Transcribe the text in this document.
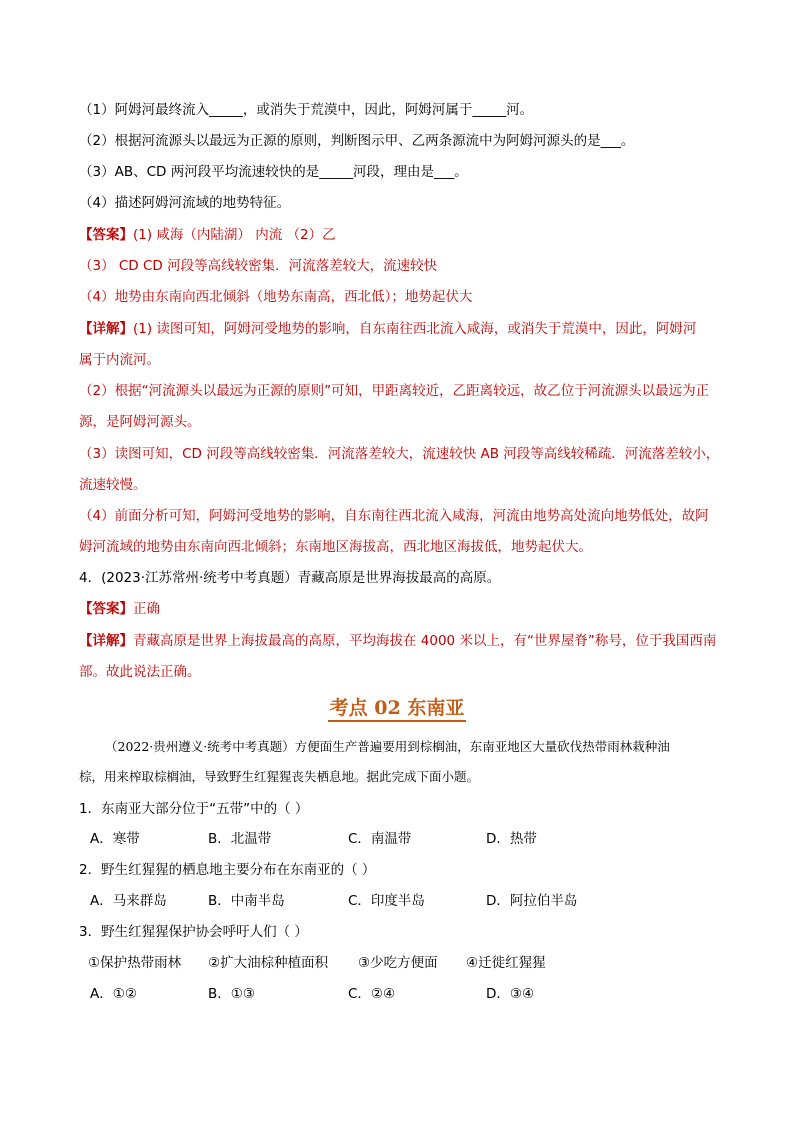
（1）阿姆河最终流入_____，或消失于荒漠中，因此，阿姆河属于_____河。
（2）根据河流源头以最远为正源的原则，判断图示甲、乙两条源流中为阿姆河源头的是___。
（3）AB、CD 两河段平均流速较快的是_____河段，理由是___。
（4）描述阿姆河流域的地势特征。
【答案】(1) 咸海（内陆湖） 内流 （2）乙
（3） CD CD 河段等高线较密集．河流落差较大，流速较快
（4）地势由东南向西北倾斜（地势东南高，西北低）；地势起伏大
【详解】(1) 读图可知，阿姆河受地势的影响，自东南往西北流入咸海，或消失于荒漠中，因此，阿姆河
属于内流河。
（2）根据“河流源头以最远为正源的原则”可知，甲距离较近，乙距离较远，故乙位于河流源头以最远为正
源，是阿姆河源头。
（3）读图可知，CD 河段等高线较密集．河流落差较大，流速较快 AB 河段等高线较稀疏．河流落差较小，
流速较慢。
（4）前面分析可知，阿姆河受地势的影响，自东南往西北流入咸海，河流由地势高处流向地势低处，故阿
姆河流域的地势由东南向西北倾斜；东南地区海拔高，西北地区海拔低，地势起伏大。
4．(2023·江苏常州·统考中考真题）青藏高原是世界海拔最高的高原。
【答案】正确
【详解】青藏高原是世界上海拔最高的高原，平均海拔在 4000 米以上，有“世界屋脊”称号，位于我国西南
部。故此说法正确。
考点 02 东南亚
（2022·贵州遵义·统考中考真题）方便面生产普遍要用到棕榈油，东南亚地区大量砍伐热带雨林栽种油
棕，用来榨取棕榈油，导致野生红猩猩丧失栖息地。据此完成下面小题。
1．东南亚大部分位于“五带”中的（ ）
A．寒带	B．北温带	C．南温带	D．热带
2．野生红猩猩的栖息地主要分布在东南亚的（ ）
A．马来群岛	B．中南半岛	C．印度半岛	D．阿拉伯半岛
3．野生红猩猩保护协会呼吁人们（ ）
①保护热带雨林 ②扩大油棕种植面积 ③少吃方便面 ④迁徙红猩猩
A．①②	B．①③	C．②④	D．③④
